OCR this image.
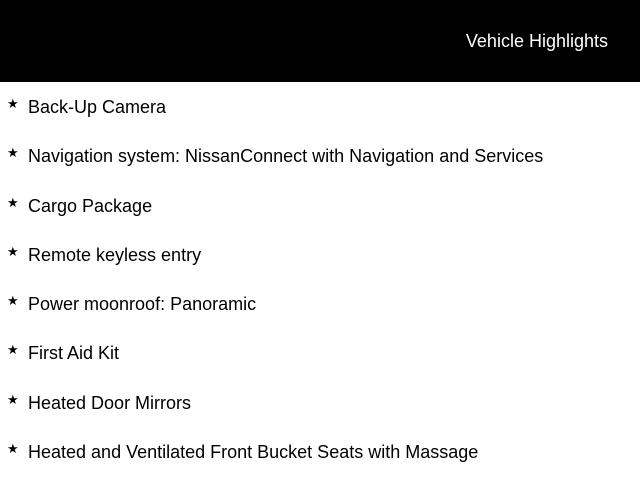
Vehicle Highlights
★ Back-Up Camera
★ Navigation system: NissanConnect with Navigation and Services
★ Cargo Package
★ Remote keyless entry
★ Power moonroof: Panoramic
★ First Aid Kit
★ Heated Door Mirrors
★ Heated and Ventilated Front Bucket Seats with Massage
